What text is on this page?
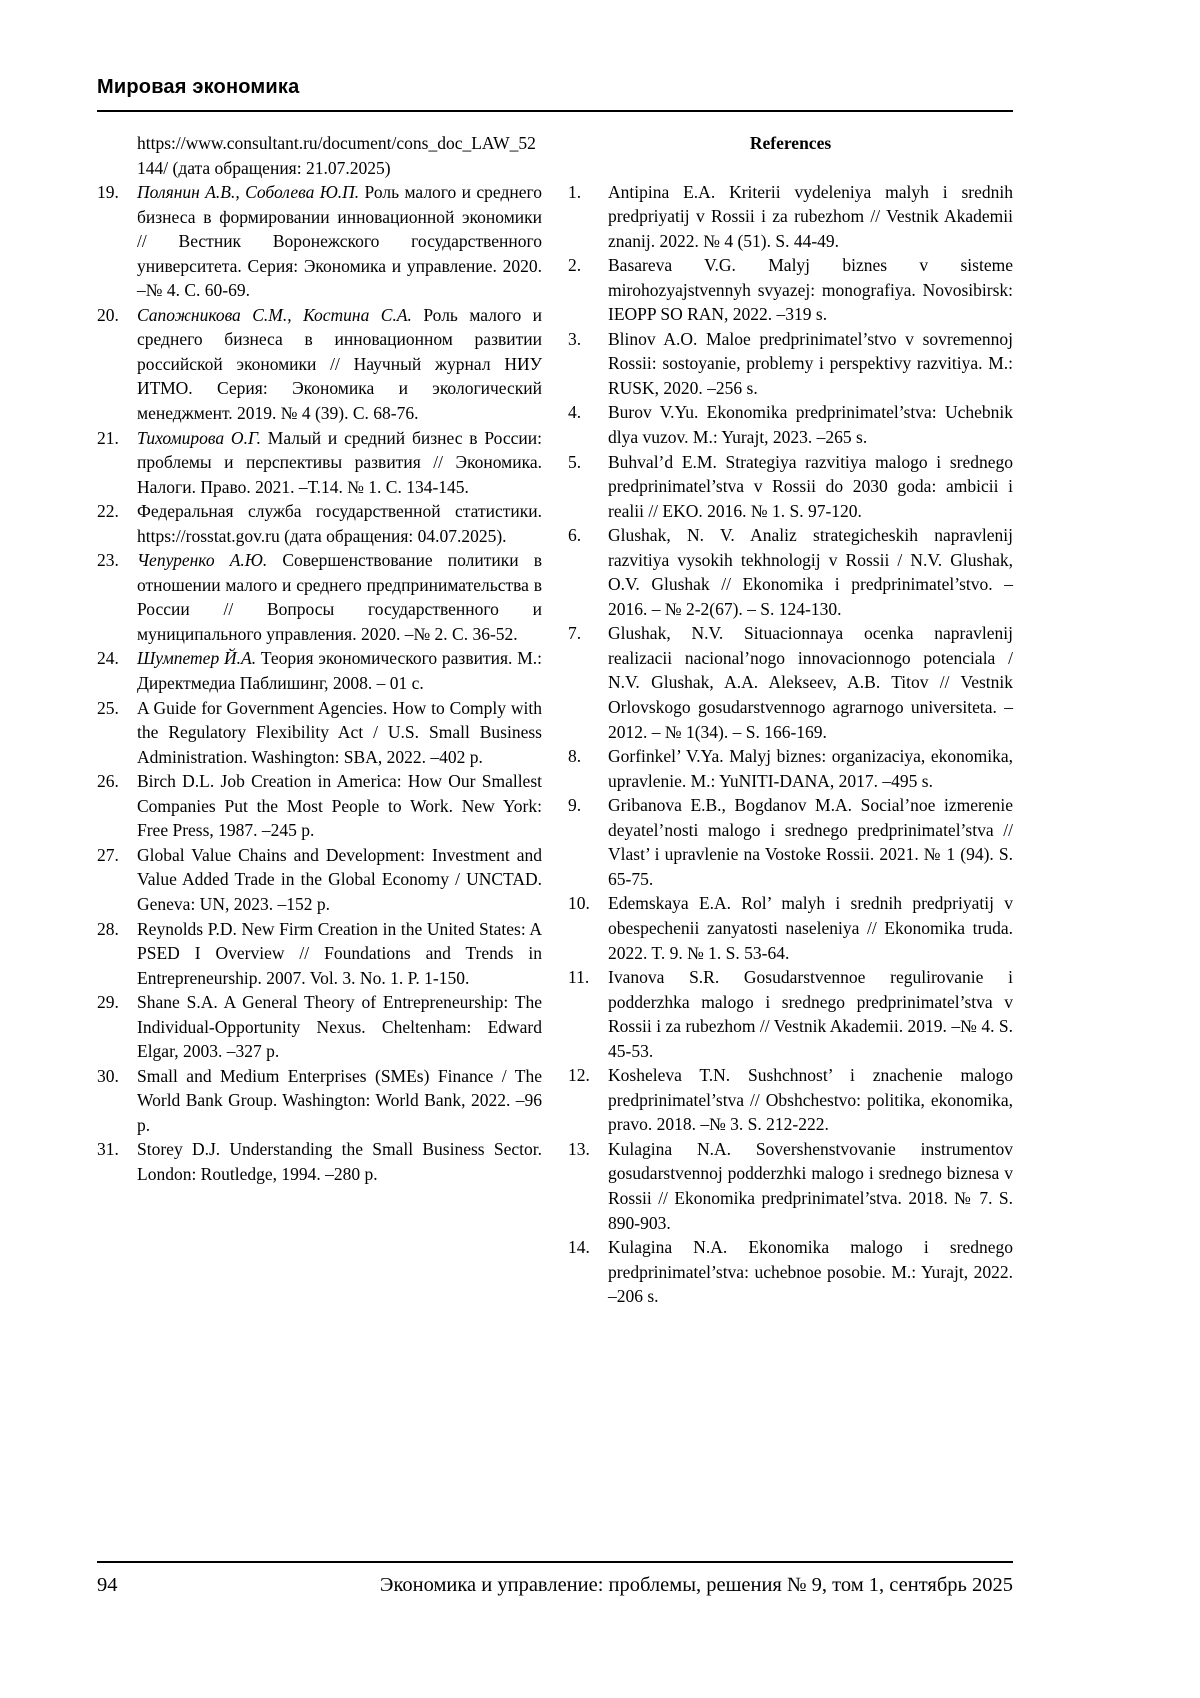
Мировая экономика

https://www.consultant.ru/document/cons_doc_LAW_52144/ (дата обращения: 21.07.2025)

19. Полянин А.В., Соболева Ю.П. Роль малого и среднего бизнеса в формировании инновационной экономики // Вестник Воронежского государственного университета. Серия: Экономика и управление. 2020. –№ 4. С. 60-69.

20. Сапожникова С.М., Костина С.А. Роль малого и среднего бизнеса в инновационном развитии российской экономики // Научный журнал НИУ ИТМО. Серия: Экономика и экологический менеджмент. 2019. № 4 (39). С. 68-76.

21. Тихомирова О.Г. Малый и средний бизнес в России: проблемы и перспективы развития // Экономика. Налоги. Право. 2021. –Т.14. № 1. С. 134-145.

22. Федеральная служба государственной статистики. https://rosstat.gov.ru (дата обращения: 04.07.2025).

23. Чепуренко А.Ю. Совершенствование политики в отношении малого и среднего предпринимательства в России // Вопросы государственного и муниципального управления. 2020. –№ 2. С. 36-52.

24. Шумпетер Й.А. Теория экономического развития. М.: Директмедиа Паблишинг, 2008. – 01 с.

25. A Guide for Government Agencies. How to Comply with the Regulatory Flexibility Act / U.S. Small Business Administration. Washington: SBA, 2022. –402 p.

26. Birch D.L. Job Creation in America: How Our Smallest Companies Put the Most People to Work. New York: Free Press, 1987. –245 p.

27. Global Value Chains and Development: Investment and Value Added Trade in the Global Economy / UNCTAD. Geneva: UN, 2023. –152 p.

28. Reynolds P.D. New Firm Creation in the United States: A PSED I Overview // Foundations and Trends in Entrepreneurship. 2007. Vol. 3. No. 1. P. 1-150.

29. Shane S.A. A General Theory of Entrepreneurship: The Individual-Opportunity Nexus. Cheltenham: Edward Elgar, 2003. –327 p.

30. Small and Medium Enterprises (SMEs) Finance / The World Bank Group. Washington: World Bank, 2022. –96 p.

31. Storey D.J. Understanding the Small Business Sector. London: Routledge, 1994. –280 p.

References

1. Antipina E.A. Kriterii vydeleniya malyh i srednih predpriyatij v Rossii i za rubezhom // Vestnik Akademii znanij. 2022. № 4 (51). S. 44-49.

2. Basareva V.G. Malyj biznes v sisteme mirohozyajstvennyh svyazej: monografiya. Novosibirsk: IEOPP SO RAN, 2022. –319 s.

3. Blinov A.O. Maloe predprinimatel’stvo v sovremennoj Rossii: sostoyanie, problemy i perspektivy razvitiya. M.: RUSK, 2020. –256 s.

4. Burov V.Yu. Ekonomika predprinimatel’stva: Uchebnik dlya vuzov. M.: Yurajt, 2023. –265 s.

5. Buhval’d E.M. Strategiya razvitiya malogo i srednego predprinimatel’stva v Rossii do 2030 goda: ambicii i realii // EKO. 2016. № 1. S. 97-120.

6. Glushak, N. V. Analiz strategicheskih napravlenij razvitiya vysokih tekhnologij v Rossii / N.V. Glushak, O.V. Glushak // Ekonomika i predprinimatel’stvo. – 2016. – № 2-2(67). – S. 124-130.

7. Glushak, N.V. Situacionnaya ocenka napravlenij realizacii nacional’nogo innovacionnogo potenciala / N.V. Glushak, A.A. Alekseev, A.B. Titov // Vestnik Orlovskogo gosudarstvennogo agrarnogo universiteta. – 2012. – № 1(34). – S. 166-169.

8. Gorfinkel’ V.Ya. Malyj biznes: organizaciya, ekonomika, upravlenie. M.: YuNITI-DANA, 2017. –495 s.

9. Gribanova E.B., Bogdanov M.A. Social’noe izmerenie deyatel’nosti malogo i srednego predprinimatel’stva // Vlast’ i upravlenie na Vostoke Rossii. 2021. № 1 (94). S. 65-75.

10. Edemskaya E.A. Rol’ malyh i srednih predpriyatij v obespechenii zanyatosti naseleniya // Ekonomika truda. 2022. T. 9. № 1. S. 53-64.

11. Ivanova S.R. Gosudarstvennoe regulirovanie i podderzhka malogo i srednego predprinimatel’stva v Rossii i za rubezhom // Vestnik Akademii. 2019. –№ 4. S. 45-53.

12. Kosheleva T.N. Sushchnost’ i znachenie malogo predprinimatel’stva // Obshchestvo: politika, ekonomika, pravo. 2018. –№ 3. S. 212-222.

13. Kulagina N.A. Sovershenstvovanie instrumentov gosudarstvennoj podderzhki malogo i srednego biznesa v Rossii // Ekonomika predprinimatel’stva. 2018. № 7. S. 890-903.

14. Kulagina N.A. Ekonomika malogo i srednego predprinimatel’stva: uchebnoe posobie. M.: Yurajt, 2022. –206 s.

94	Экономика и управление: проблемы, решения № 9, том 1, сентябрь 2025
